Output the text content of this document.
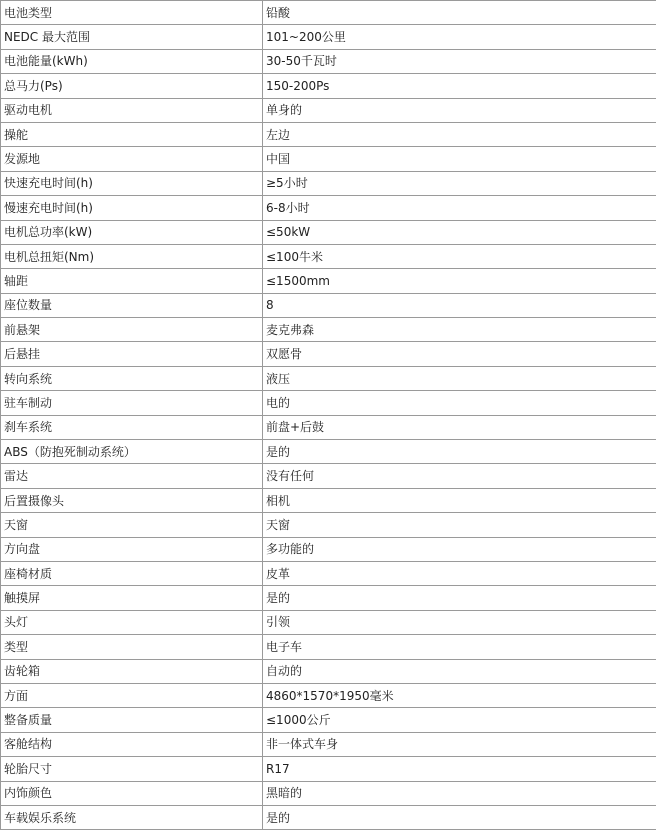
电池类型	铅酸
NEDC 最大范围	101~200公里
电池能量(kWh)	30-50千瓦时
总马力(Ps)	150-200Ps
驱动电机	单身的
操舵	左边
发源地	中国
快速充电时间(h)	≥5小时
慢速充电时间(h)	6-8小时
电机总功率(kW)	≤50kW
电机总扭矩(Nm)	≤100牛米
轴距	≤1500mm
座位数量	8
前悬架	麦克弗森
后悬挂	双愿骨
转向系统	液压
驻车制动	电的
刹车系统	前盘+后鼓
ABS（防抱死制动系统）	是的
雷达	没有任何
后置摄像头	相机
天窗	天窗
方向盘	多功能的
座椅材质	皮革
触摸屏	是的
头灯	引领
类型	电子车
齿轮箱	自动的
方面	4860*1570*1950毫米
整备质量	≤1000公斤
客舱结构	非一体式车身
轮胎尺寸	R17
内饰颜色	黑暗的
车载娱乐系统	是的
